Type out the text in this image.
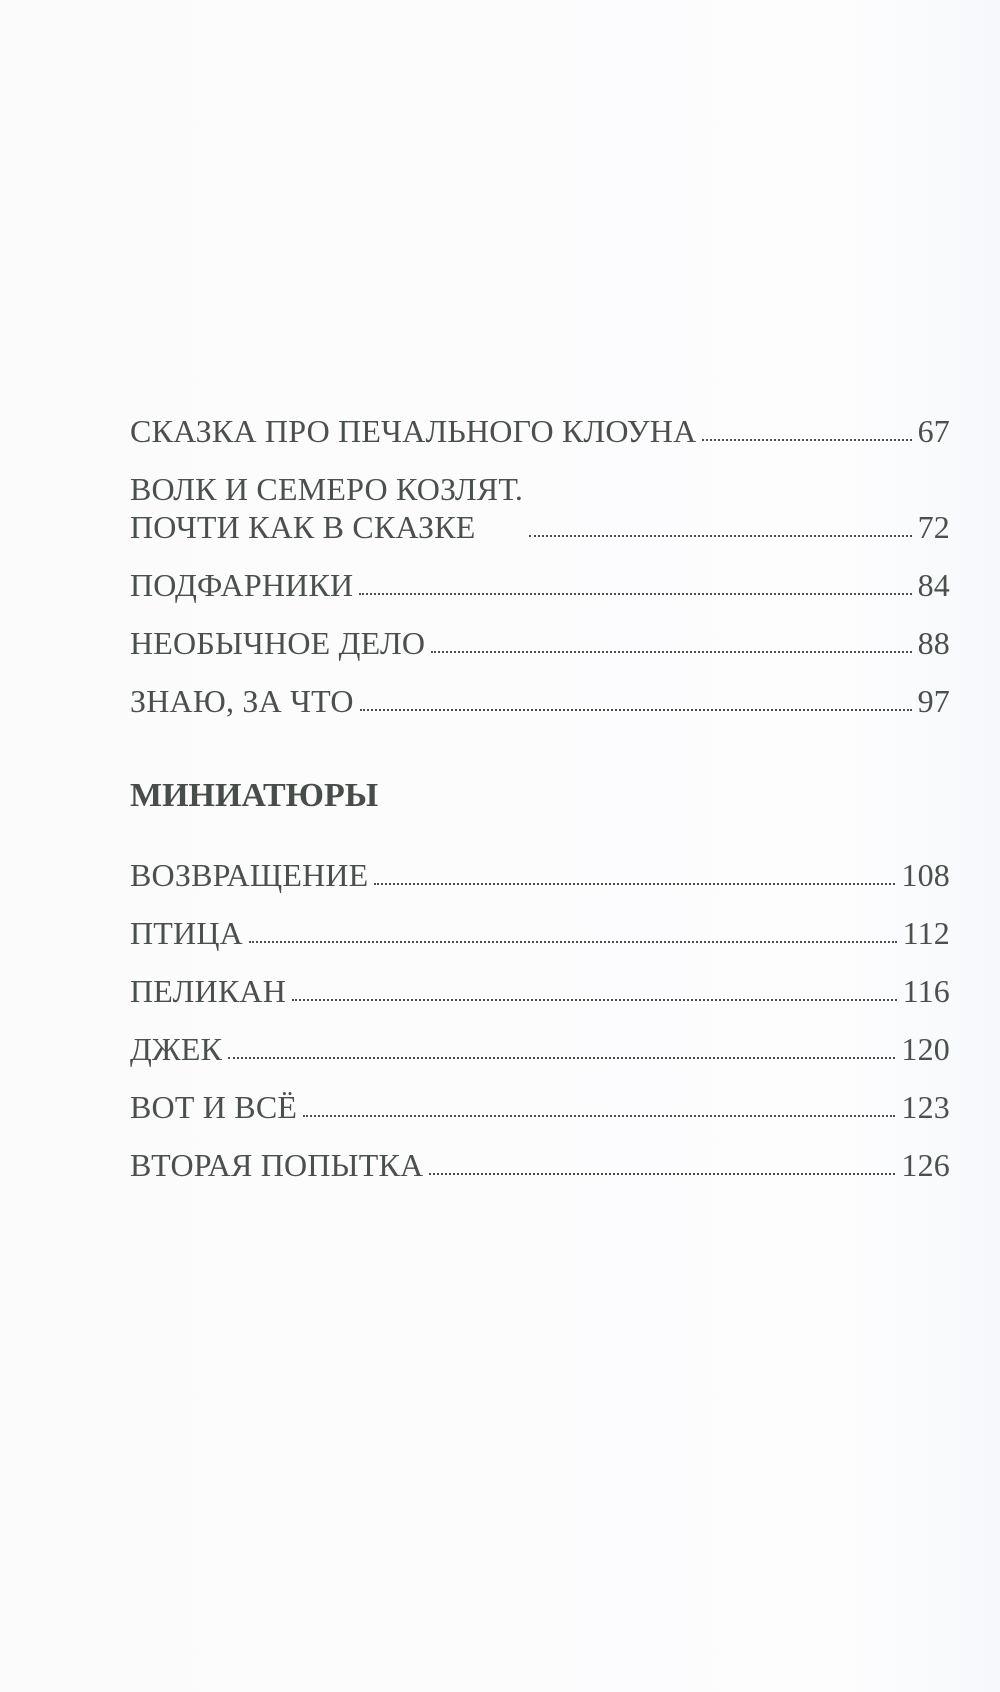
СКАЗКА ПРО ПЕЧАЛЬНОГО КЛОУНА	67
ВОЛК И СЕМЕРО КОЗЛЯТ.
ПОЧТИ КАК В СКАЗКЕ	72
ПОДФАРНИКИ	84
НЕОБЫЧНОЕ ДЕЛО	88
ЗНАЮ, ЗА ЧТО	97
МИНИАТЮРЫ
ВОЗВРАЩЕНИЕ	108
ПТИЦА	112
ПЕЛИКАН	116
ДЖЕК	120
ВОТ И ВСЁ	123
ВТОРАЯ ПОПЫТКА	126
